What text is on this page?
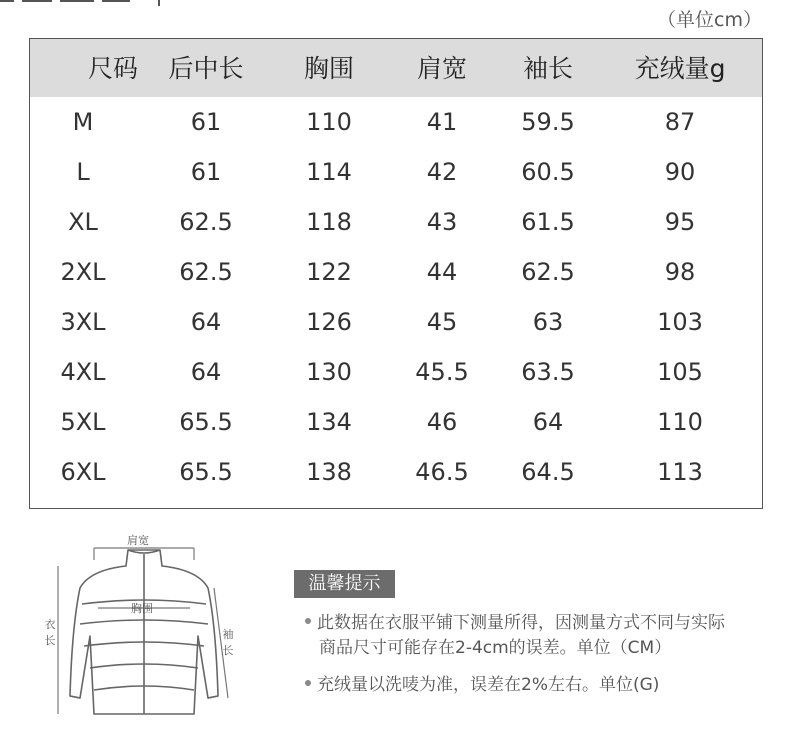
（单位cm）
尺码	后中长	胸围	肩宽	袖长	充绒量g
M	61	110	41	59.5	87
L	61	114	42	60.5	90
XL	62.5	118	43	61.5	95
2XL	62.5	122	44	62.5	98
3XL	64	126	45	63	103
4XL	64	130	45.5	63.5	105
5XL	65.5	134	46	64	110
6XL	65.5	138	46.5	64.5	113
肩宽
胸围
衣
长	袖
长
温馨提示
此数据在衣服平铺下测量所得，因测量方式不同与实际
商品尺寸可能存在2-4cm的误差。单位（CM）
充绒量以洗唛为准，误差在2%左右。单位(G)
